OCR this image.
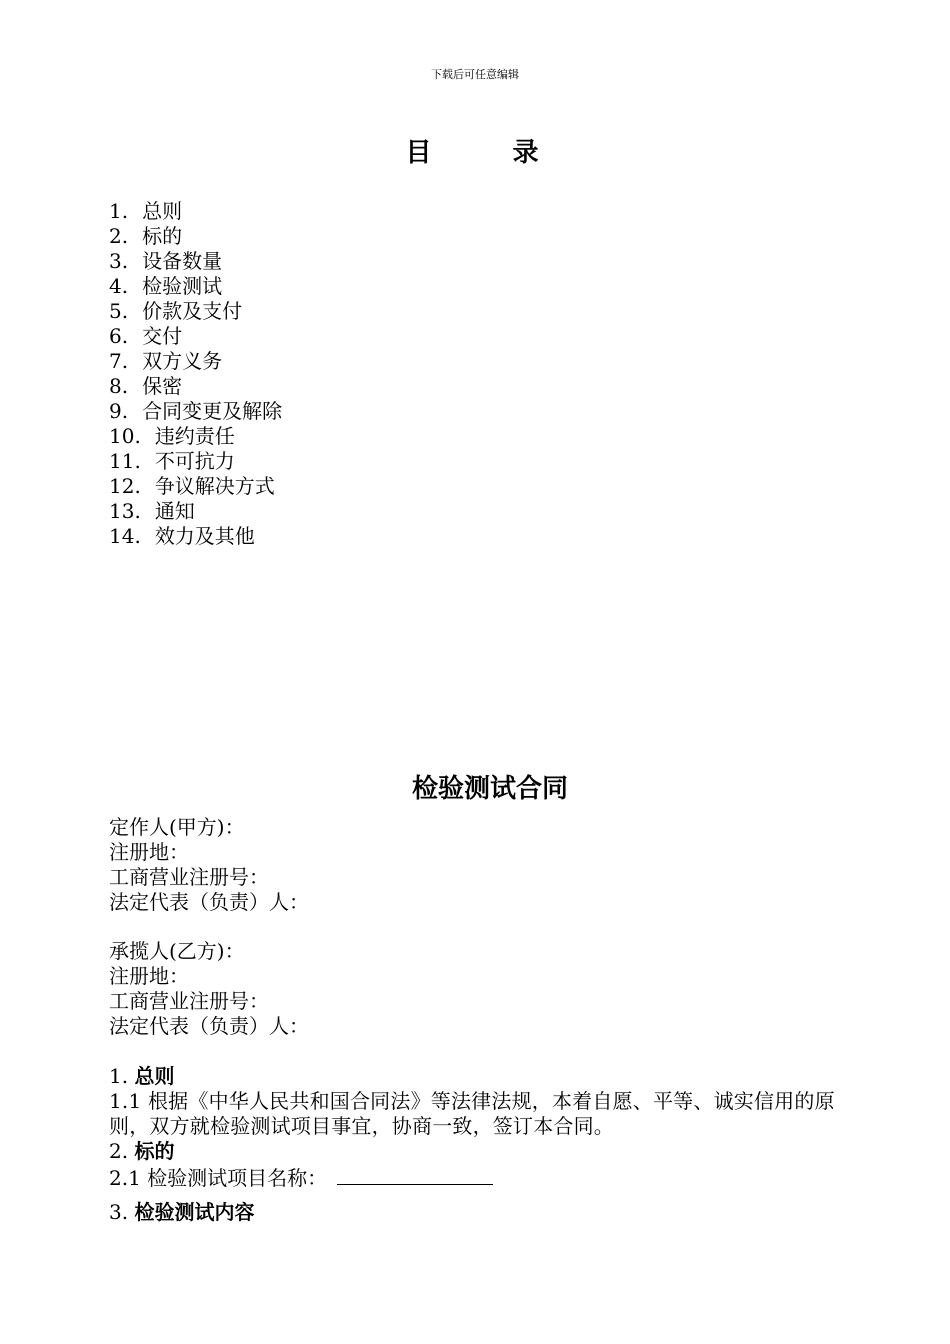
下载后可任意编辑
目 录
1. 总则
2. 标的
3. 设备数量
4. 检验测试
5. 价款及支付
6. 交付
7. 双方义务
8. 保密
9. 合同变更及解除
10. 违约责任
11. 不可抗力
12. 争议解决方式
13. 通知
14. 效力及其他
检验测试合同
定作人(甲方)：
注册地：
工商营业注册号：
法定代表（负责）人：
承揽人(乙方)：
注册地：
工商营业注册号：
法定代表（负责）人：
1. 总则
1.1 根据《中华人民共和国合同法》等法律法规，本着自愿、平等、诚实信用的原则，双方就检验测试项目事宜，协商一致，签订本合同。
2. 标的
2.1 检验测试项目名称：
3. 检验测试内容
